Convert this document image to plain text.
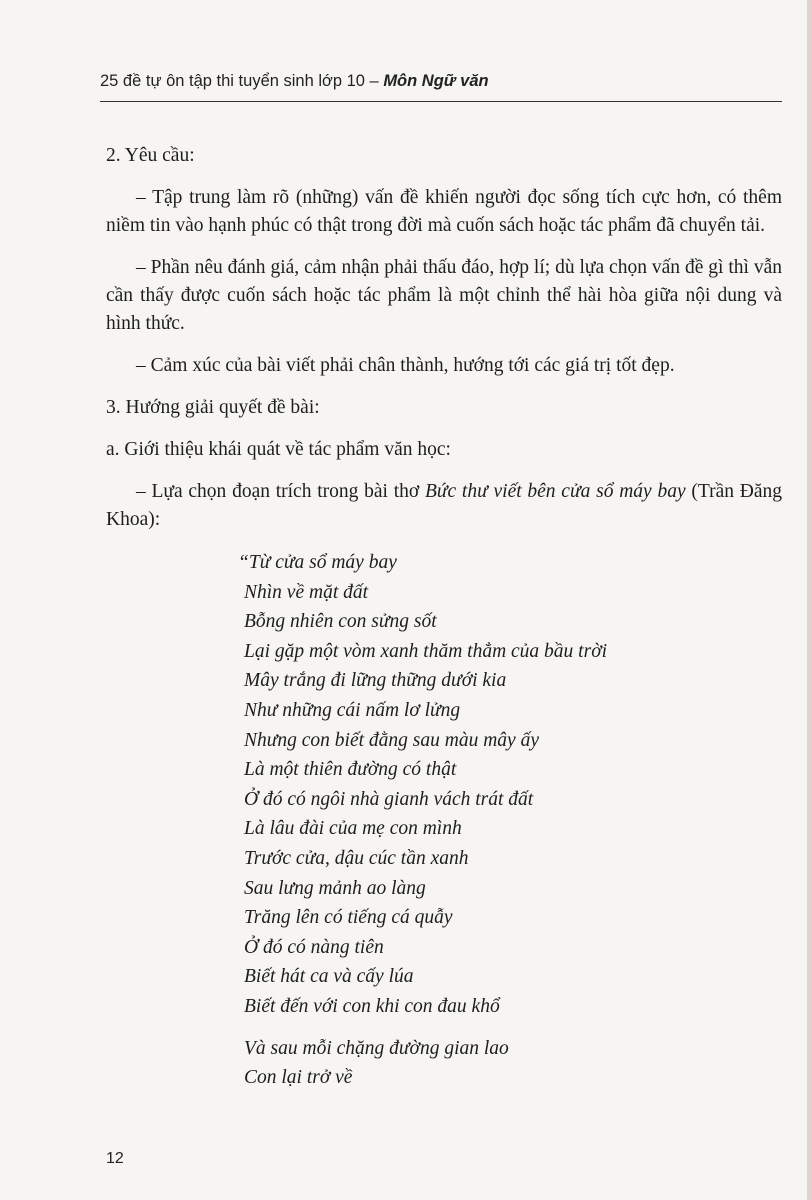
25 đề tự ôn tập thi tuyển sinh lớp 10 – Môn Ngữ văn

2. Yêu cầu:

– Tập trung làm rõ (những) vấn đề khiến người đọc sống tích cực hơn, có thêm niềm tin vào hạnh phúc có thật trong đời mà cuốn sách hoặc tác phẩm đã chuyển tải.

– Phần nêu đánh giá, cảm nhận phải thấu đáo, hợp lí; dù lựa chọn vấn đề gì thì vẫn cần thấy được cuốn sách hoặc tác phẩm là một chỉnh thể hài hòa giữa nội dung và hình thức.

– Cảm xúc của bài viết phải chân thành, hướng tới các giá trị tốt đẹp.

3. Hướng giải quyết đề bài:

a. Giới thiệu khái quát về tác phẩm văn học:

– Lựa chọn đoạn trích trong bài thơ Bức thư viết bên cửa sổ máy bay (Trần Đăng Khoa):

“Từ cửa sổ máy bay
Nhìn về mặt đất
Bỗng nhiên con sửng sốt
Lại gặp một vòm xanh thăm thẳm của bầu trời
Mây trắng đi lững thững dưới kia
Như những cái nấm lơ lửng
Nhưng con biết đằng sau màu mây ấy
Là một thiên đường có thật
Ở đó có ngôi nhà gianh vách trát đất
Là lâu đài của mẹ con mình
Trước cửa, dậu cúc tần xanh
Sau lưng mảnh ao làng
Trăng lên có tiếng cá quẫy
Ở đó có nàng tiên
Biết hát ca và cấy lúa
Biết đến với con khi con đau khổ
Và sau mỗi chặng đường gian lao
Con lại trở về
12
